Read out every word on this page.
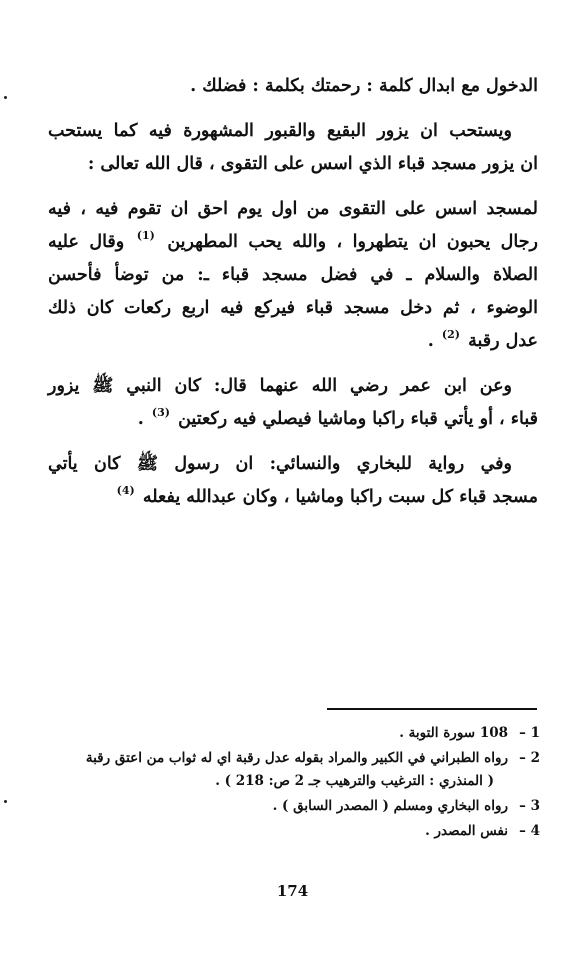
الدخول مع ابدال كلمة : رحمتك بكلمة : فضلك .

ويستحب ان يزور البقيع والقبور المشهورة فيه كما يستحب
ان يزور مسجد قباء الذي اسس على التقوى ، قال الله تعالى :

لمسجد اسس على التقوى من اول يوم احق ان تقوم فيه ، فيه
رجال يحبون ان يتطهروا ، والله يحب المطهرين $^{(1)}$ وقال عليه
الصلاة والسلام ـ في فضل مسجد قباء ـ: من توضأ فأحسن
الوضوء ، ثم دخل مسجد قباء فيركع فيه اربع ركعات كان ذلك
عدل رقبة $^{(2)}$ .

وعن ابن عمر رضي الله عنهما قال: كان النبي ﷺ يزور
قباء ، أو يأتي قباء راكبا وماشيا فيصلي فيه ركعتين $^{(3)}$ .

وفي رواية للبخاري والنسائي: ان رسول ﷺ كان يأتي
مسجد قباء كل سبت راكبا وماشيا ، وكان عبدالله يفعله $^{(4)}$

1 –
108 سورة التوبة .
2 –
رواه الطبراني في الكبير والمراد بقوله عدل رقبة اي له ثواب من اعتق رقبة
( المنذري : الترغيب والترهيب جـ 2 ص: 218 ) .
3 –
رواه البخاري ومسلم ( المصدر السابق ) .
4 –
نفس المصدر .
174
